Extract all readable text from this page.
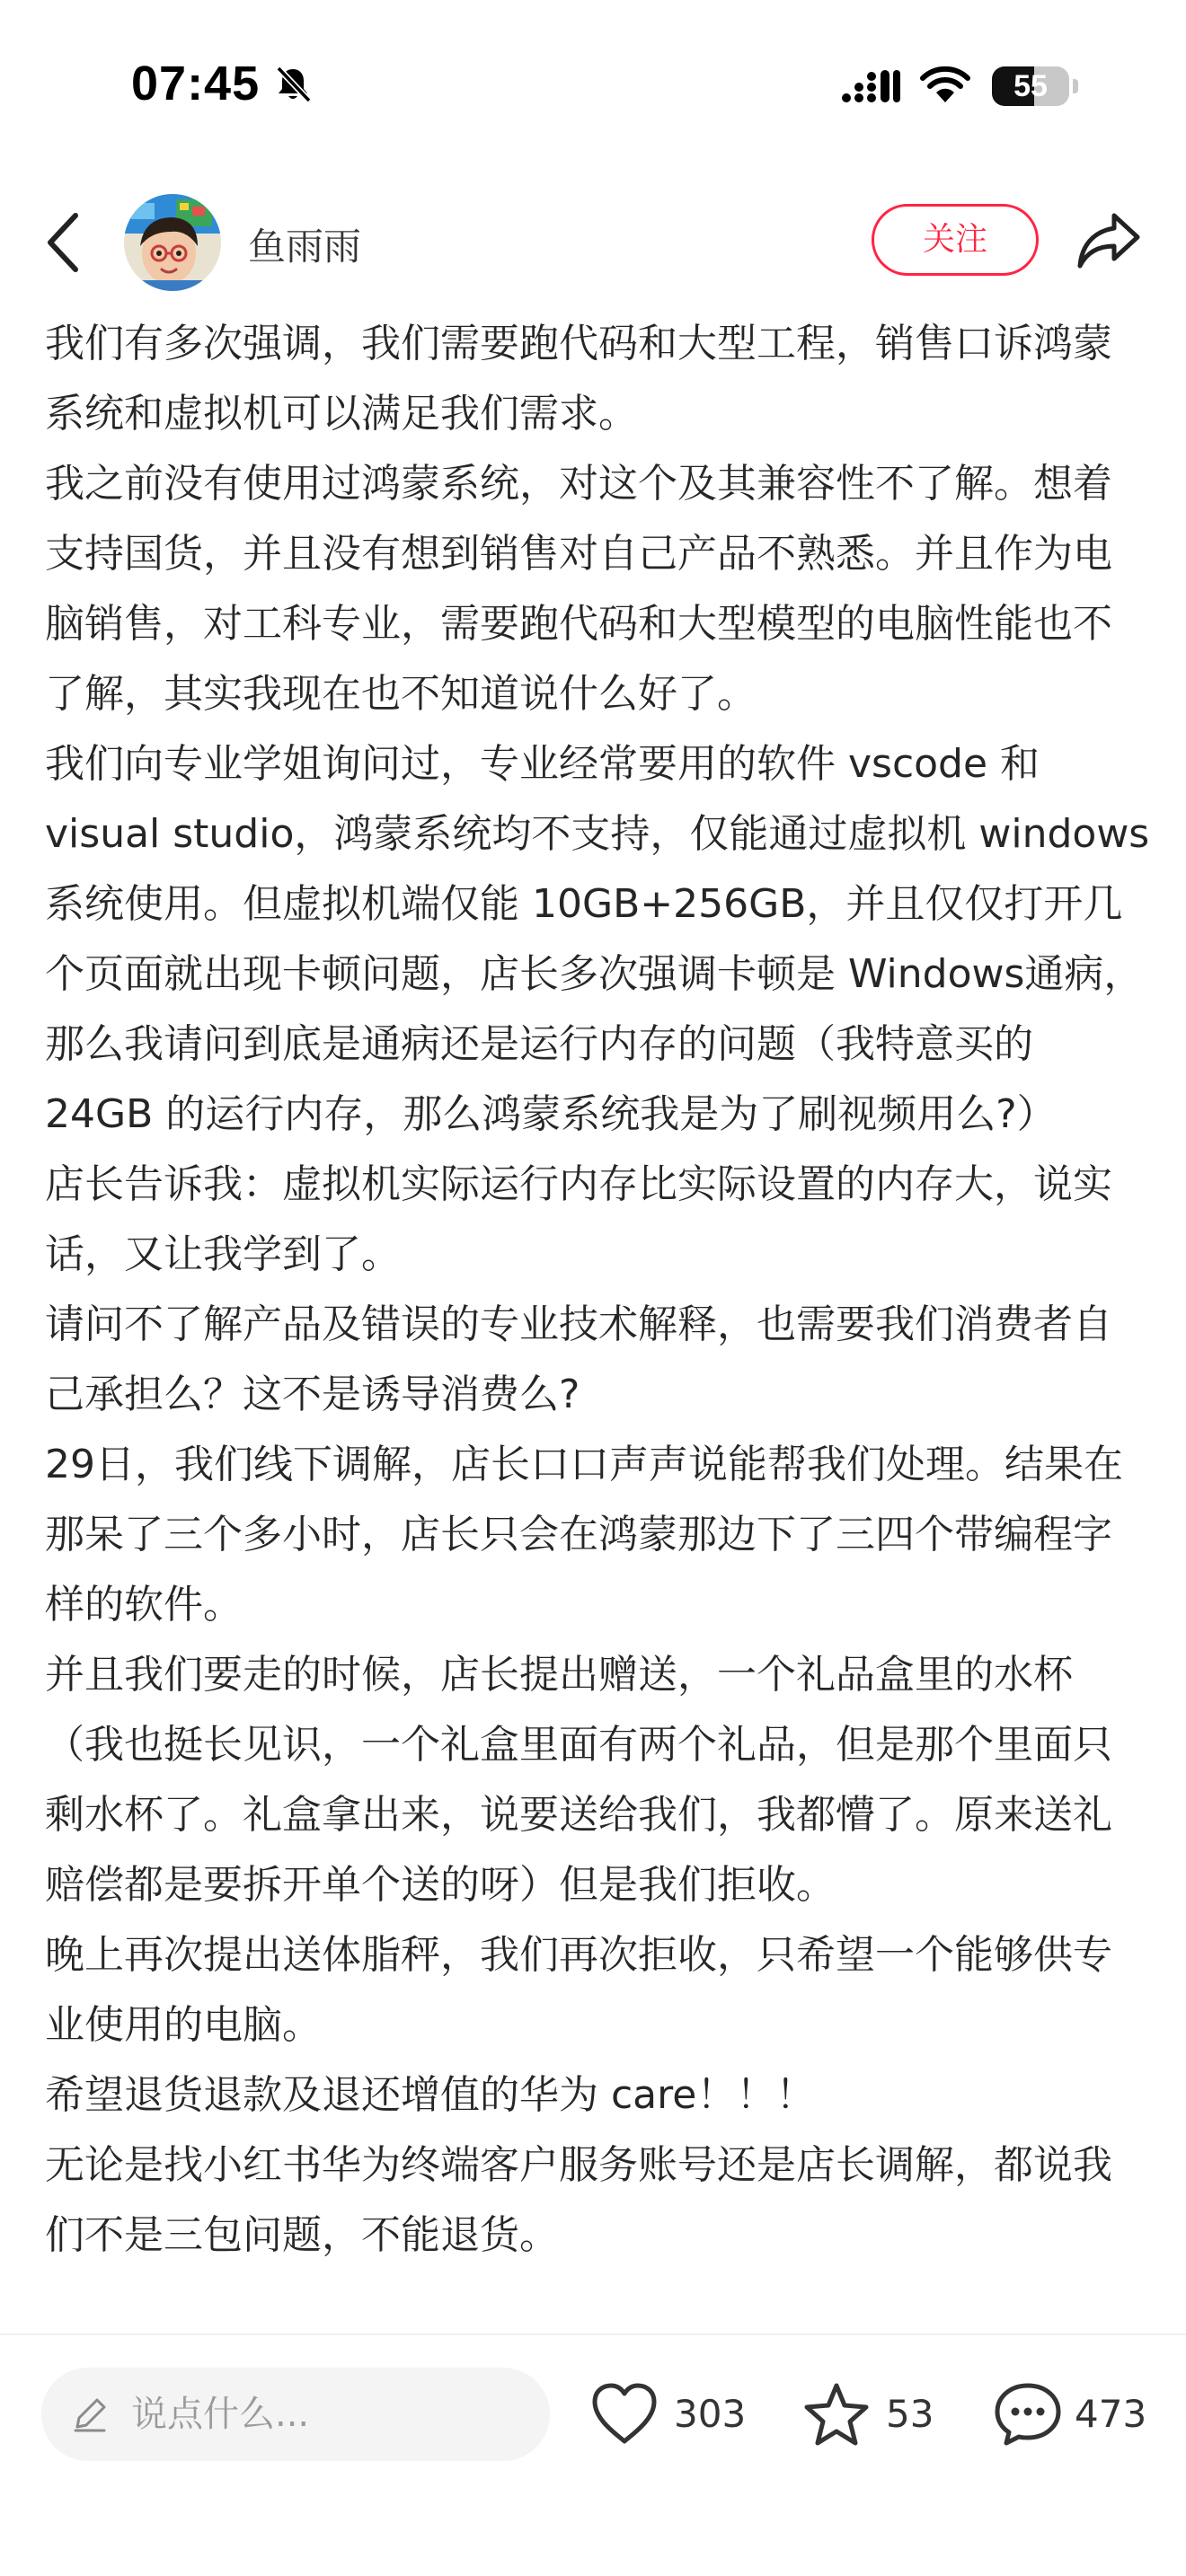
07:45	55
鱼雨雨	关注

我们有多次强调，我们需要跑代码和大型工程，销售口诉鸿蒙系统和虚拟机可以满足我们需求。

我之前没有使用过鸿蒙系统，对这个及其兼容性不了解。想着支持国货，并且没有想到销售对自己产品不熟悉。并且作为电脑销售，对工科专业，需要跑代码和大型模型的电脑性能也不了解，其实我现在也不知道说什么好了。

我们向专业学姐询问过，专业经常要用的软件 vscode 和 visual studio，鸿蒙系统均不支持，仅能通过虚拟机 windows系统使用。但虚拟机端仅能 10GB+256GB，并且仅仅打开几个页面就出现卡顿问题，店长多次强调卡顿是 Windows通病，那么我请问到底是通病还是运行内存的问题（我特意买的 24GB 的运行内存，那么鸿蒙系统我是为了刷视频用么?）

店长告诉我：虚拟机实际运行内存比实际设置的内存大，说实话，又让我学到了。

请问不了解产品及错误的专业技术解释，也需要我们消费者自己承担么？这不是诱导消费么?

29日，我们线下调解，店长口口声声说能帮我们处理。结果在那呆了三个多小时，店长只会在鸿蒙那边下了三四个带编程字样的软件。

并且我们要走的时候，店长提出赠送，一个礼品盒里的水杯（我也挺长见识，一个礼盒里面有两个礼品，但是那个里面只剩水杯了。礼盒拿出来，说要送给我们，我都懵了。原来送礼赔偿都是要拆开单个送的呀）但是我们拒收。

晚上再次提出送体脂秤，我们再次拒收，只希望一个能够供专业使用的电脑。

希望退货退款及退还增值的华为 care！！！

无论是找小红书华为终端客户服务账号还是店长调解，都说我们不是三包问题，不能退货。

说点什么...	303	53	473
